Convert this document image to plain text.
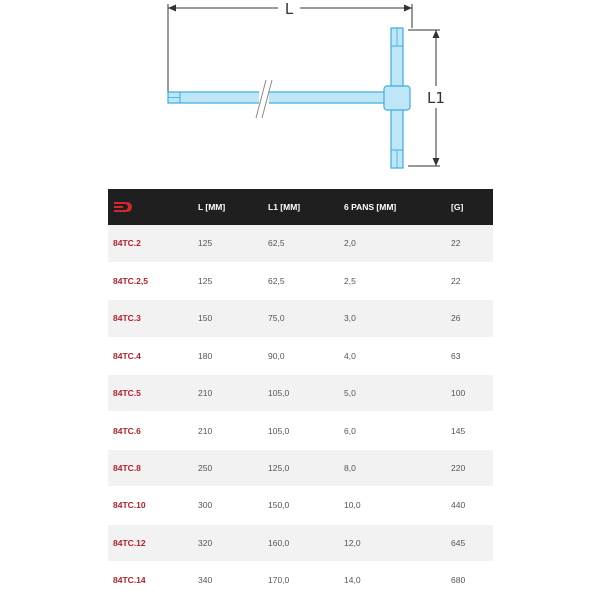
L
L1
	L [MM]	L1 [MM]	6 PANS [MM]	[G]
84TC.2	125	62,5	2,0	22
84TC.2,5	125	62,5	2,5	22
84TC.3	150	75,0	3,0	26
84TC.4	180	90,0	4,0	63
84TC.5	210	105,0	5,0	100
84TC.6	210	105,0	6,0	145
84TC.8	250	125,0	8,0	220
84TC.10	300	150,0	10,0	440
84TC.12	320	160,0	12,0	645
84TC.14	340	170,0	14,0	680
